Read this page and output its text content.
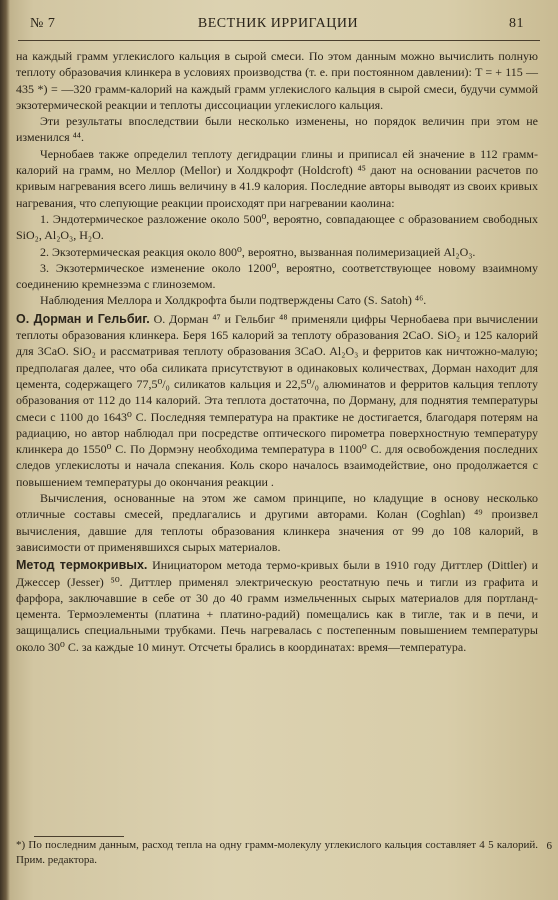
№ 7	ВЕСТНИК ИРРИГАЦИИ	81

на каждый грамм углекислого кальция в сырой смеси. По этом данным можно вычислить полную теплоту образовачия клинкера в условиях производства (т. е. при постоянном давлении): T = + 115 — 435 *) = —320 грамм-калорий на каждый грамм углекислого кальция в сырой смеси, будучи суммой экзотермической реакции и теплоты диссоциации углекислого кальция.

Эти результаты впоследствии были несколько изменены, но порядок величин при этом не изменился ⁴⁴.

Чернобаев также определил теплоту дегидрации глины и приписал ей значение в 112 грамм-калорий на грамм, но Меллор (Mellor) и Холдкрофт (Holdcroft) ⁴⁵ дают на основании расчетов по кривым нагревания всего лишь величину в 41.9 калория. Последние авторы выводят из своих кривых нагревания, что слепующие реакции происходят при нагревании каолина:

1. Эндотермическое разложение около 500⁰, вероятно, совпадающее с образованием свободных SiO₂, Al₂O₃, H₂O.

2. Экзотермическая реакция около 800⁰, вероятно, вызванная полимеризацией Al₂O₃.

3. Экзотермическое изменение около 1200⁰, вероятно, соответствующее новому взаимному соединению кремнезэма с глиноземом.

Наблюдения Меллора и Холдкрофта были подтверждены Сато (S. Satoh) ⁴⁶.

О. Дорман и Гельбиг. О. Дорман ⁴⁷ и Гельбиг ⁴⁸ применяли цифры Чернобаева при вычислении теплоты образования клинкера. Беря 165 калорий за теплоту образования 2CaO. SiO₂ и 125 калорий для 3CaO. SiO₂ и рассматривая теплоту образования 3CaO. Al₂O₃ и ферритов как ничтожно-малую; предполагая далее, что оба силиката присутствуют в одинаковых количествах, Дорман находит для цемента, содержащего 77,5⁰/₀ силикатов кальция и 22,5⁰/₀ алюминатов и ферритов кальция теплоту образования от 112 до 114 калорий. Эта теплота достаточна, по Дорману, для поднятия температуры смеси с 1100 до 1643⁰ С. Последняя температура на практике не достигается, благодаря потерям на радиацию, но автор наблюдал при посредстве оптического пирометра поверхностную температуру клинкера до 1550⁰ С. По Дормэну необходима температура в 1100⁰ С. для освобождения последних следов углекислоты и начала спекания. Коль скоро началось взаимодействие, оно продолжается с повышением температуры до окончания реакции .

Вычисления, основанные на этом же самом принципе, но кладущие в основу несколько отличные составы смесей, предлагались и другими авторами. Колан (Coghlan) ⁴⁹ произвел вычисления, давшие для теплоты образования клинкера значения от 99 до 108 калорий, в зависимости от применявшихся сырых материалов.

Метод термокривых. Инициатором метода термо-кривых были в 1910 году Диттлер (Dittler) и Джессер (Jesser) ⁵⁰. Диттлер применял электрическую реостатную печь и тигли из графита и фарфора, заключавшие в себе от 30 до 40 грамм измельченных сырых материалов для портланд-цемента. Термоэлементы (платина + платино-радий) помещались как в тигле, так и в печи, и защищались специальными трубками. Печь нагревалась с постепенным повышением температуры около 30⁰ С. за каждые 10 минут. Отсчеты брались в координатах: время—температура.

*) По последним данным, расход тепла на одну грамм-молекулу углекислого кальция составляет 4 5 калорий. Прим. редактора.

6
